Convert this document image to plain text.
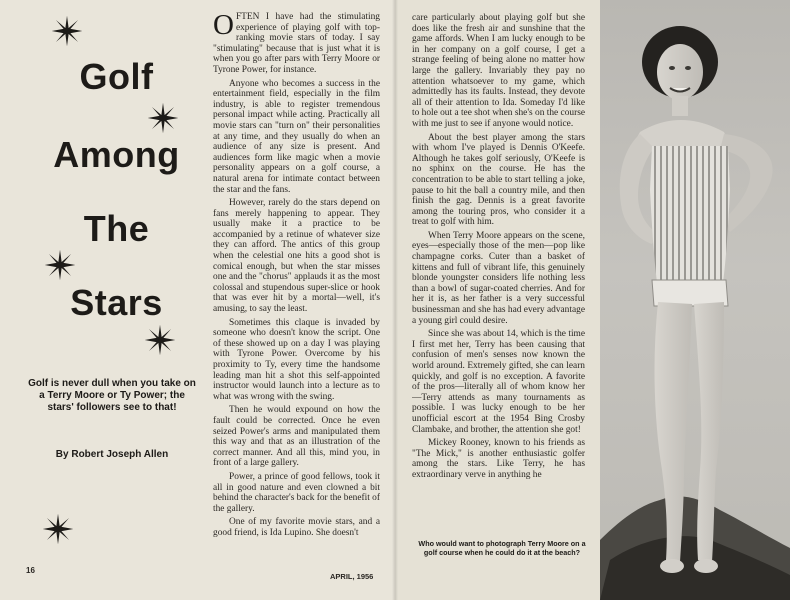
Golf
Among
The
Stars
Golf is never dull when you take on a Terry Moore or Ty Power; the stars' followers see to that!
By Robert Joseph Allen
16
APRIL, 1956

OFTEN I have had the stimulating experience of playing golf with top-ranking movie stars of today. I say "stimulating" because that is just what it is when you go after pars with Terry Moore or Tyrone Power, for instance.

Anyone who becomes a success in the entertainment field, especially in the film industry, is able to register tremendous personal impact while acting. Practically all movie stars can "turn on" their personalities at any time, and they usually do when an audience of any size is present. And audiences form like magic when a movie personality appears on a golf course, a natural arena for intimate contact between the star and the fans.

However, rarely do the stars depend on fans merely happening to appear. They usually make it a practice to be accompanied by a retinue of whatever size they can afford. The antics of this group when the celestial one hits a good shot is comical enough, but when the star misses one and the "chorus" applauds it as the most colossal and stupendous super-slice or hook that was ever hit by a mortal—well, it's amusing, to say the least.

Sometimes this claque is invaded by someone who doesn't know the script. One of these showed up on a day I was playing with Tyrone Power. Overcome by his proximity to Ty, every time the handsome leading man hit a shot this self-appointed instructor would launch into a lecture as to what was wrong with the swing.

Then he would expound on how the fault could be corrected. Once he even seized Power's arms and manipulated them this way and that as an illustration of the correct manner. And all this, mind you, in front of a large gallery.

Power, a prince of good fellows, took it all in good nature and even clowned a bit behind the character's back for the benefit of the gallery.

One of my favorite movie stars, and a good friend, is Ida Lupino. She doesn't

care particularly about playing golf but she does like the fresh air and sunshine that the game affords. When I am lucky enough to be in her company on a golf course, I get a strange feeling of being alone no matter how large the gallery. Invariably they pay no attention whatsoever to my game, which admittedly has its faults. Instead, they devote all of their attention to Ida. Someday I'd like to hole out a tee shot when she's on the course with me just to see if anyone would notice.

About the best player among the stars with whom I've played is Dennis O'Keefe. Although he takes golf seriously, O'Keefe is no sphinx on the course. He has the concentration to be able to start telling a joke, pause to hit the ball a country mile, and then finish the gag. Dennis is a great favorite among the touring pros, who consider it a treat to golf with him.

When Terry Moore appears on the scene, eyes—especially those of the men—pop like champagne corks. Cuter than a basket of kittens and full of vibrant life, this genuinely blonde youngster considers life nothing less than a bowl of sugar-coated cherries. And for her it is, as her father is a very successful businessman and she has had every advantage a young girl could desire.

Since she was about 14, which is the time I first met her, Terry has been causing that confusion of men's senses now known the world around. Extremely gifted, she can learn quickly, and golf is no exception. A favorite of the pros—literally all of whom know her—Terry attends as many tournaments as possible. I was lucky enough to be her unofficial escort at the 1954 Bing Crosby Clambake, and brother, the attention she got!

Mickey Rooney, known to his friends as "The Mick," is another enthusiastic golfer among the stars. Like Terry, he has extraordinary verve in anything he

Who would want to photograph Terry Moore on a golf course when he could do it at the beach?
